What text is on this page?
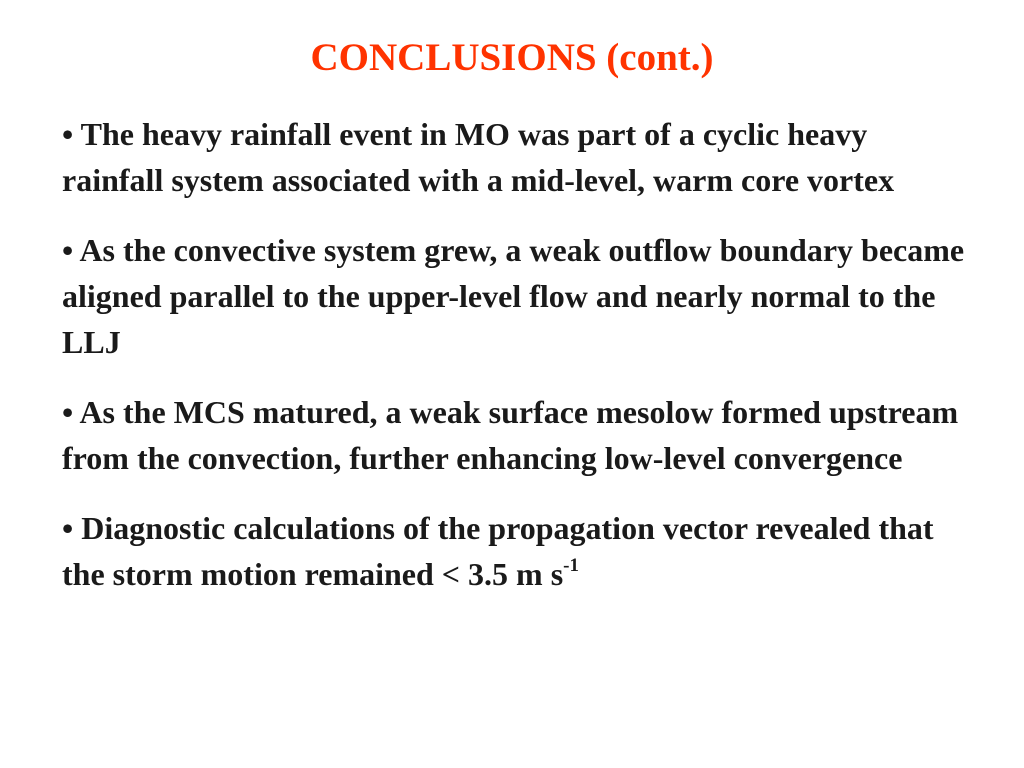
CONCLUSIONS (cont.)
• The heavy rainfall event in MO was part of a cyclic heavy rainfall system associated with a mid-level, warm core vortex
• As the convective system grew, a weak outflow boundary became aligned parallel to the upper-level flow and nearly normal to the LLJ
• As the MCS matured, a weak surface mesolow formed upstream from the convection, further enhancing low-level convergence
• Diagnostic calculations of the propagation vector revealed that the storm motion remained < 3.5 m $s^{-1}$
